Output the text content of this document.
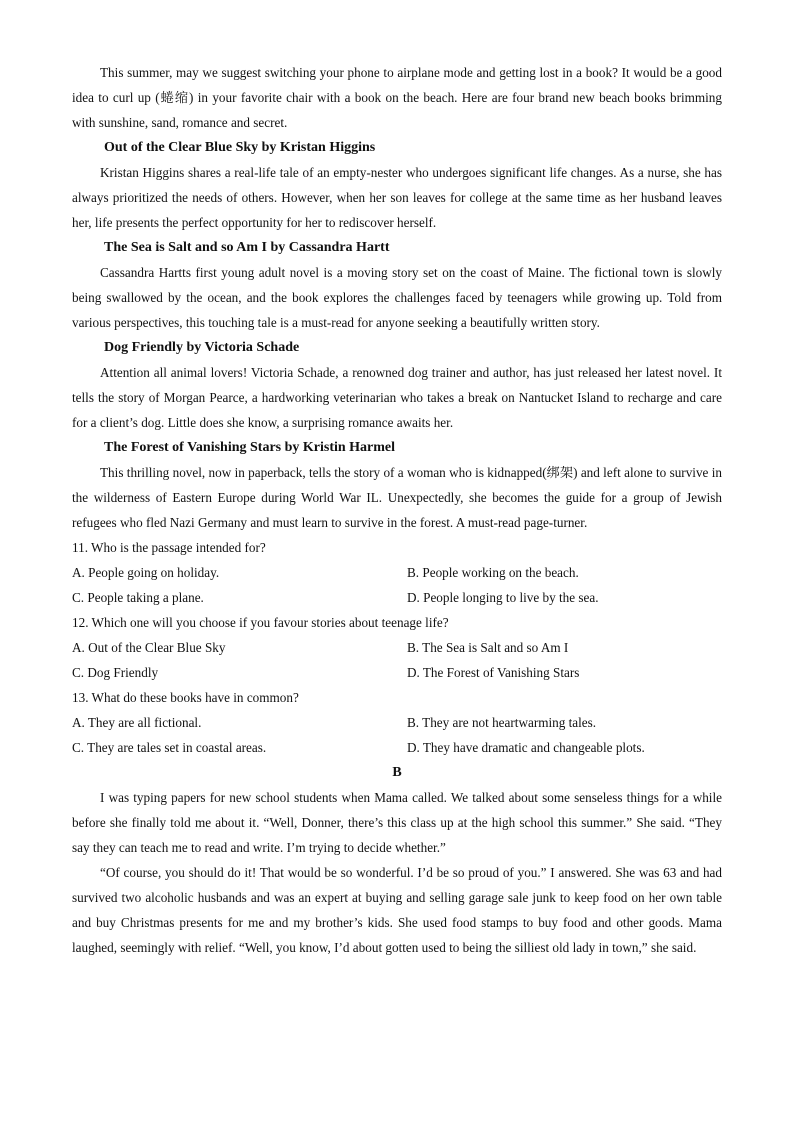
This summer, may we suggest switching your phone to airplane mode and getting lost in a book? It would be a good idea to curl up (蜷缩) in your favorite chair with a book on the beach. Here are four brand new beach books brimming with sunshine, sand, romance and secret.

Out of the Clear Blue Sky by Kristan Higgins

Kristan Higgins shares a real-life tale of an empty-nester who undergoes significant life changes. As a nurse, she has always prioritized the needs of others. However, when her son leaves for college at the same time as her husband leaves her, life presents the perfect opportunity for her to rediscover herself.

The Sea is Salt and so Am I by Cassandra Hartt

Cassandra Hartts first young adult novel is a moving story set on the coast of Maine. The fictional town is slowly being swallowed by the ocean, and the book explores the challenges faced by teenagers while growing up. Told from various perspectives, this touching tale is a must-read for anyone seeking a beautifully written story.

Dog Friendly by Victoria Schade

Attention all animal lovers! Victoria Schade, a renowned dog trainer and author, has just released her latest novel. It tells the story of Morgan Pearce, a hardworking veterinarian who takes a break on Nantucket Island to recharge and care for a client’s dog. Little does she know, a surprising romance awaits her.

The Forest of Vanishing Stars by Kristin Harmel

This thrilling novel, now in paperback, tells the story of a woman who is kidnapped(绑架) and left alone to survive in the wilderness of Eastern Europe during World War IL. Unexpectedly, she becomes the guide for a group of Jewish refugees who fled Nazi Germany and must learn to survive in the forest. A must-read page-turner.

11. Who is the passage intended for?
A. People going on holiday.	B. People working on the beach.
C. People taking a plane.	D. People longing to live by the sea.
12. Which one will you choose if you favour stories about teenage life?
A. Out of the Clear Blue Sky	B. The Sea is Salt and so Am I
C. Dog Friendly	D. The Forest of Vanishing Stars
13. What do these books have in common?
A. They are all fictional.	B. They are not heartwarming tales.
C. They are tales set in coastal areas.	D. They have dramatic and changeable plots.
B

I was typing papers for new school students when Mama called. We talked about some senseless things for a while before she finally told me about it. “Well, Donner, there’s this class up at the high school this summer.” She said. “They say they can teach me to read and write. I’m trying to decide whether.”

“Of course, you should do it! That would be so wonderful. I’d be so proud of you.” I answered. She was 63 and had survived two alcoholic husbands and was an expert at buying and selling garage sale junk to keep food on her own table and buy Christmas presents for me and my brother’s kids. She used food stamps to buy food and other goods. Mama laughed, seemingly with relief. “Well, you know, I’d about gotten used to being the silliest old lady in town,” she said.
